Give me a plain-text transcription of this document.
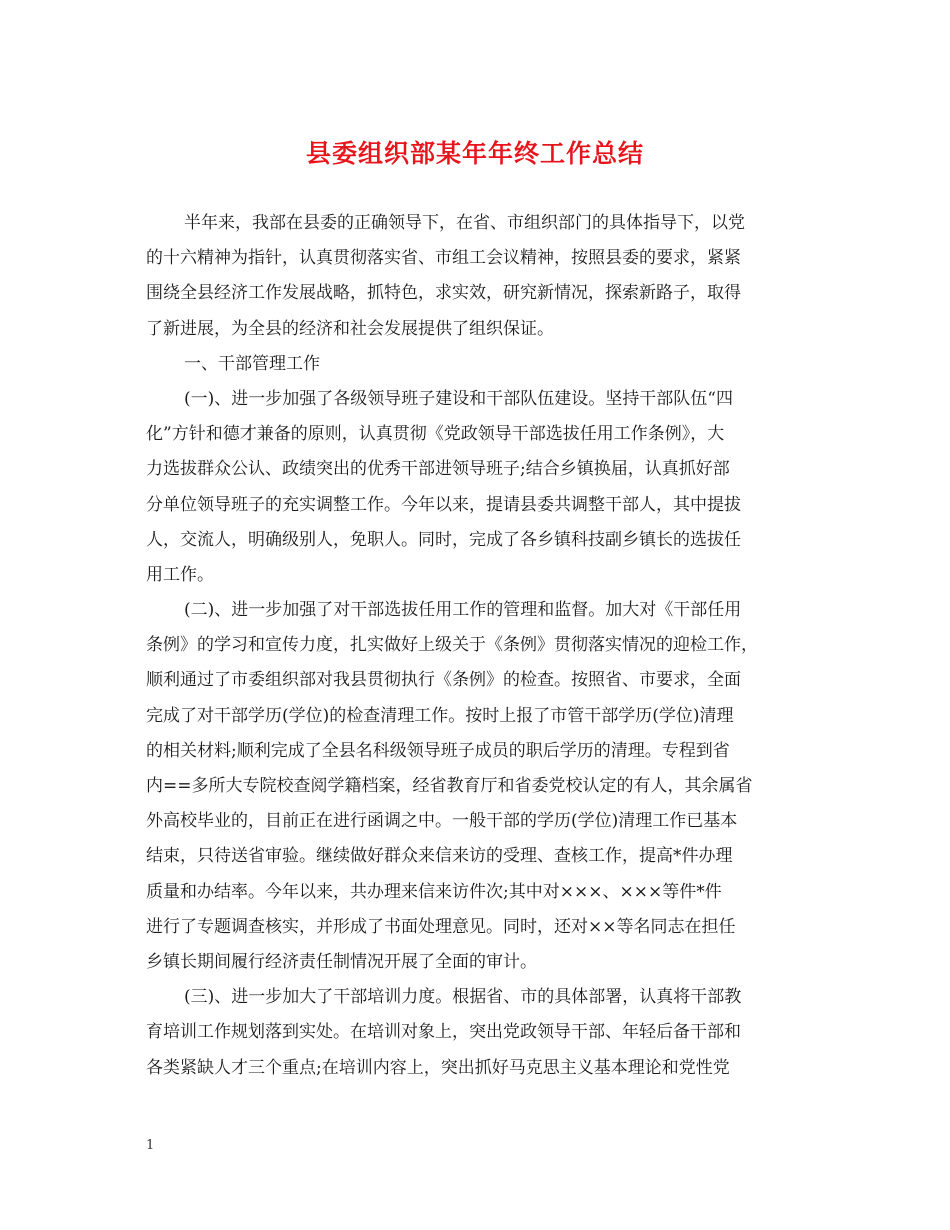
县委组织部某年年终工作总结
半年来，我部在县委的正确领导下，在省、市组织部门的具体指导下，以党
的十六精神为指针，认真贯彻落实省、市组工会议精神，按照县委的要求，紧紧
围绕全县经济工作发展战略，抓特色，求实效，研究新情况，探索新路子，取得
了新进展，为全县的经济和社会发展提供了组织保证。
一、干部管理工作
(一)、进一步加强了各级领导班子建设和干部队伍建设。坚持干部队伍“四
化”方针和德才兼备的原则，认真贯彻《党政领导干部选拔任用工作条例》，大
力选拔群众公认、政绩突出的优秀干部进领导班子;结合乡镇换届，认真抓好部
分单位领导班子的充实调整工作。今年以来，提请县委共调整干部人，其中提拔
人，交流人，明确级别人，免职人。同时，完成了各乡镇科技副乡镇长的选拔任
用工作。
(二)、进一步加强了对干部选拔任用工作的管理和监督。加大对《干部任用
条例》的学习和宣传力度，扎实做好上级关于《条例》贯彻落实情况的迎检工作，
顺利通过了市委组织部对我县贯彻执行《条例》的检查。按照省、市要求，全面
完成了对干部学历(学位)的检查清理工作。按时上报了市管干部学历(学位)清理
的相关材料;顺利完成了全县名科级领导班子成员的职后学历的清理。专程到省
内==多所大专院校查阅学籍档案，经省教育厅和省委党校认定的有人，其余属省
外高校毕业的，目前正在进行函调之中。一般干部的学历(学位)清理工作已基本
结束，只待送省审验。继续做好群众来信来访的受理、查核工作，提高*件办理
质量和办结率。今年以来，共办理来信来访件次;其中对×××、×××等件*件
进行了专题调查核实，并形成了书面处理意见。同时，还对××等名同志在担任
乡镇长期间履行经济责任制情况开展了全面的审计。
(三)、进一步加大了干部培训力度。根据省、市的具体部署，认真将干部教
育培训工作规划落到实处。在培训对象上，突出党政领导干部、年轻后备干部和
各类紧缺人才三个重点;在培训内容上，突出抓好马克思主义基本理论和党性党
1
